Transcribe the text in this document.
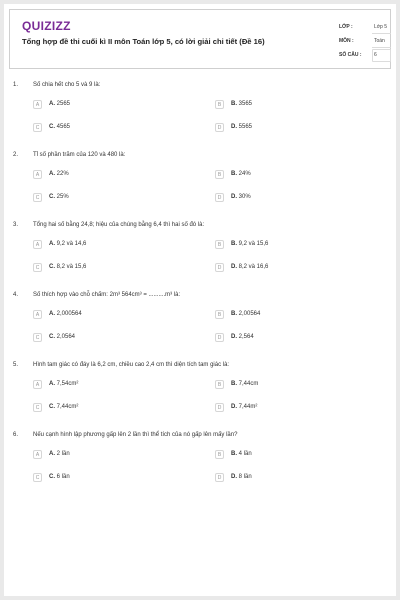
QUIZIZZ
Tổng hợp đề thi cuối kì II môn Toán lớp 5, có lời giải chi tiết (Đề 16)
LỚP :	Lớp 5
MÔN :	Toán
SỐ CÂU :	6
1. Số chia hết cho 5 và 9 là:
A	A. 2565	B	B. 3565
C	C. 4565	D	D. 5565
2. Tỉ số phần trăm của 120 và 480 là:
A	A. 22%	B	B. 24%
C	C. 25%	D	D. 30%
3. Tổng hai số bằng 24,8; hiệu của chúng bằng 6,4 thì hai số đó là:
A	A. 9,2 và 14,6	B	B. 9,2 và 15,6
C	C. 8,2 và 15,6	D	D. 8,2 và 16,6
4. Số thích hợp vào chỗ chấm: 2m³ 564cm³ = ..........m³ là:
A	A. 2,000564	B	B. 2,00564
C	C. 2,0564	D	D. 2,564
5. Hình tam giác có đáy là 6,2 cm, chiều cao 2,4 cm thì diện tích tam giác là:
A	A. 7,54cm²	B	B. 7,44cm
C	C. 7,44cm²	D	D. 7,44m²
6. Nếu cạnh hình lập phương gấp lên 2 lần thì thể tích của nó gấp lên mấy lần?
A	A. 2 lần	B	B. 4 lần
C	C. 6 lần	D	D. 8 lần
